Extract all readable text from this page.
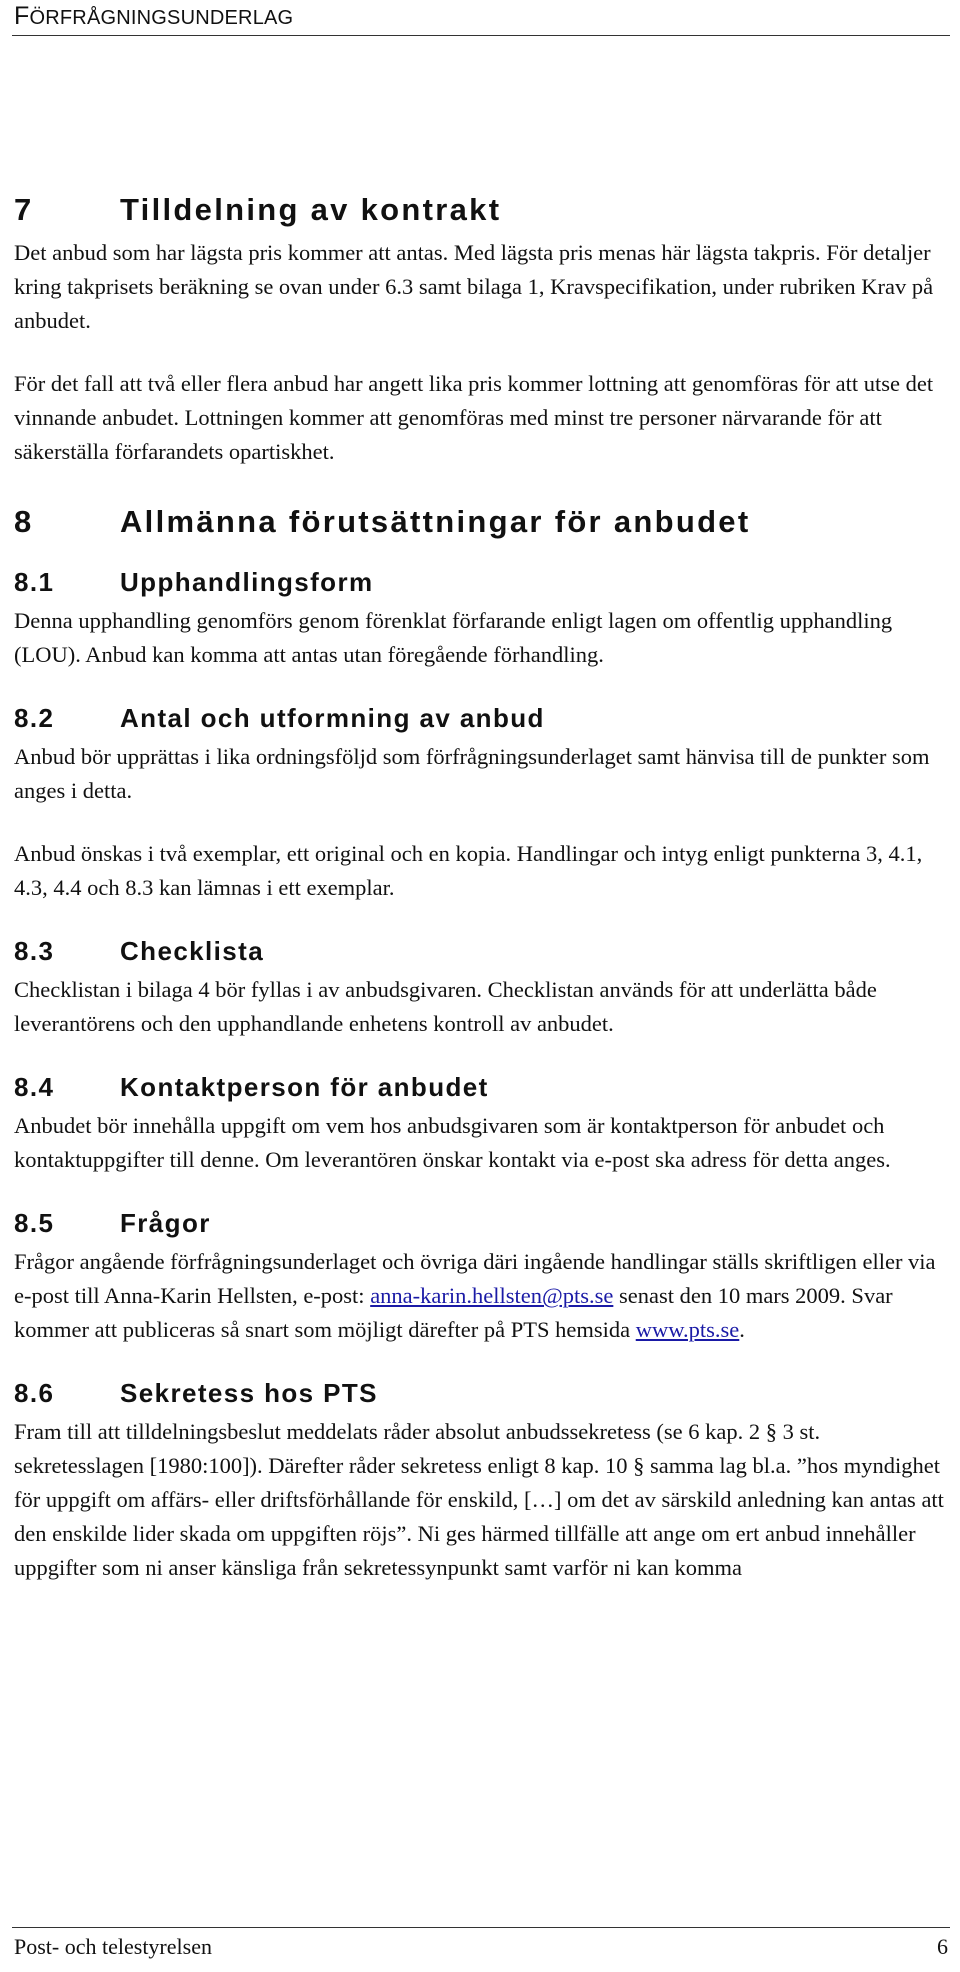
FÖRFRÅGNINGSUNDERLAG
7	Tilldelning av kontrakt

Det anbud som har lägsta pris kommer att antas. Med lägsta pris menas här lägsta takpris. För detaljer kring takprisets beräkning se ovan under 6.3 samt bilaga 1, Kravspecifikation, under rubriken Krav på anbudet.

För det fall att två eller flera anbud har angett lika pris kommer lottning att genomföras för att utse det vinnande anbudet. Lottningen kommer att genomföras med minst tre personer närvarande för att säkerställa förfarandets opartiskhet.

8	Allmänna förutsättningar för anbudet
8.1	Upphandlingsform

Denna upphandling genomförs genom förenklat förfarande enligt lagen om offentlig upphandling (LOU). Anbud kan komma att antas utan föregående förhandling.

8.2	Antal och utformning av anbud

Anbud bör upprättas i lika ordningsföljd som förfrågningsunderlaget samt hänvisa till de punkter som anges i detta.

Anbud önskas i två exemplar, ett original och en kopia. Handlingar och intyg enligt punkterna 3, 4.1, 4.3, 4.4 och 8.3 kan lämnas i ett exemplar.

8.3	Checklista

Checklistan i bilaga 4 bör fyllas i av anbudsgivaren. Checklistan används för att underlätta både leverantörens och den upphandlande enhetens kontroll av anbudet.

8.4	Kontaktperson för anbudet

Anbudet bör innehålla uppgift om vem hos anbudsgivaren som är kontaktperson för anbudet och kontaktuppgifter till denne. Om leverantören önskar kontakt via e-post ska adress för detta anges.

8.5	Frågor

Frågor angående förfrågningsunderlaget och övriga däri ingående handlingar ställs skriftligen eller via e-post till Anna-Karin Hellsten, e-post: anna-karin.hellsten@pts.se senast den 10 mars 2009. Svar kommer att publiceras så snart som möjligt därefter på PTS hemsida www.pts.se.

8.6	Sekretess hos PTS

Fram till att tilldelningsbeslut meddelats råder absolut anbudssekretess (se 6 kap. 2 § 3 st. sekretesslagen [1980:100]). Därefter råder sekretess enligt 8 kap. 10 § samma lag bl.a. ”hos myndighet för uppgift om affärs- eller driftsförhållande för enskild, […] om det av särskild anledning kan antas att den enskilde lider skada om uppgiften röjs”. Ni ges härmed tillfälle att ange om ert anbud innehåller uppgifter som ni anser känsliga från sekretessynpunkt samt varför ni kan komma

Post- och telestyrelsen	6
